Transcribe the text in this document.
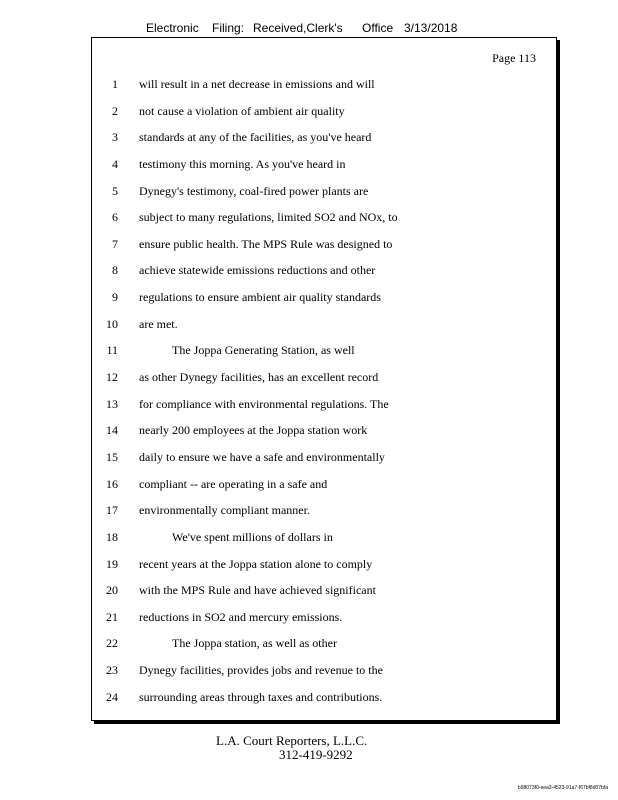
Electronic Filing: Received,Clerk's Office 3/13/2018
Page 113
1 will result in a net decrease in emissions and will
2 not cause a violation of ambient air quality
3 standards at any of the facilities, as you've heard
4 testimony this morning. As you've heard in
5 Dynegy's testimony, coal-fired power plants are
6 subject to many regulations, limited SO2 and NOx, to
7 ensure public health. The MPS Rule was designed to
8 achieve statewide emissions reductions and other
9 regulations to ensure ambient air quality standards
10 are met.
11	The Joppa Generating Station, as well
12 as other Dynegy facilities, has an excellent record
13 for compliance with environmental regulations. The
14 nearly 200 employees at the Joppa station work
15 daily to ensure we have a safe and environmentally
16 compliant -- are operating in a safe and
17 environmentally compliant manner.
18	We've spent millions of dollars in
19 recent years at the Joppa station alone to comply
20 with the MPS Rule and have achieved significant
21 reductions in SO2 and mercury emissions.
22	The Joppa station, as well as other
23 Dynegy facilities, provides jobs and revenue to the
24 surrounding areas through taxes and contributions.
L.A. Court Reporters, L.L.C.
312-419-9292
b98073f0-eea3-4523-91a7-f67bf8d07bfa
